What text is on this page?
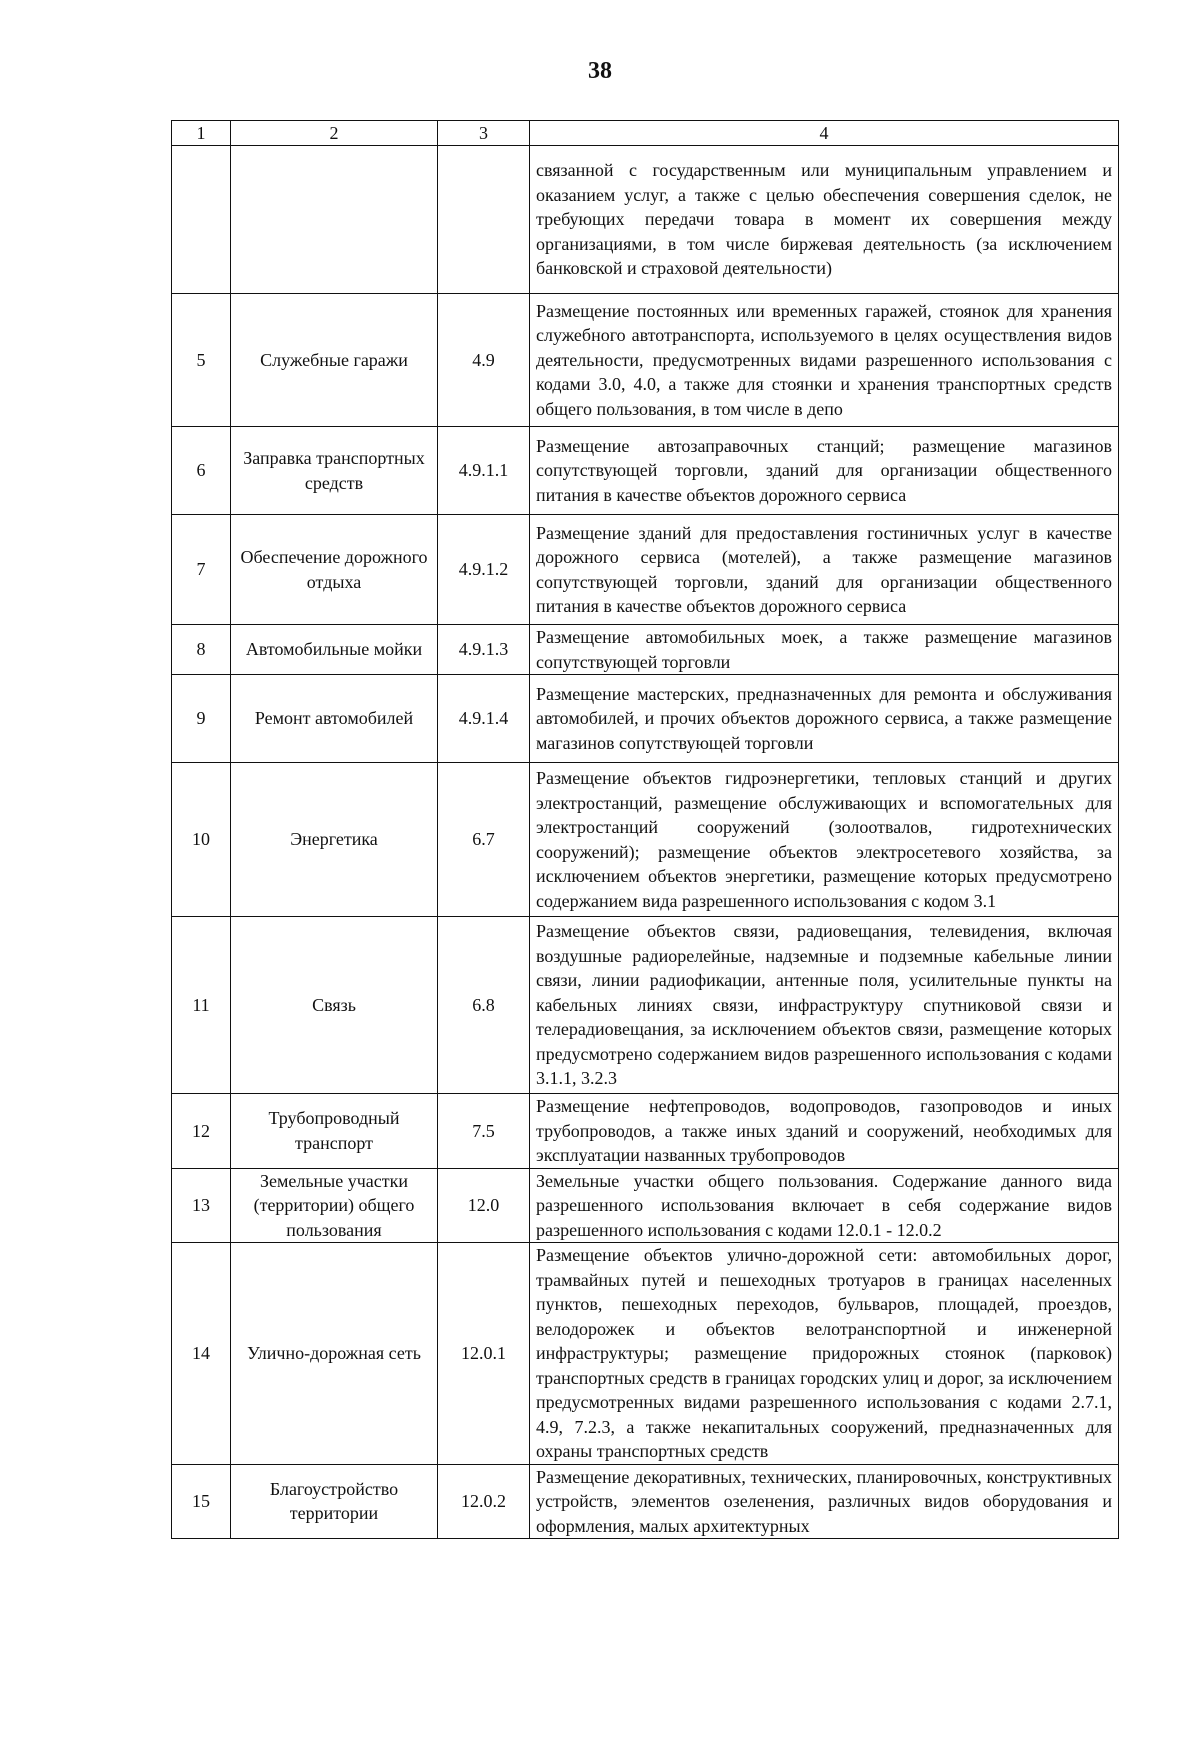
38
1	2	3	4
			связанной с государственным или муниципальным управлением и оказанием услуг, а также с целью обеспечения совершения сделок, не требующих передачи товара в момент их совершения между организациями, в том числе биржевая деятельность (за исключением банковской и страховой деятельности)
5	Служебные гаражи	4.9	Размещение постоянных или временных гаражей, стоянок для хранения служебного автотранспорта, используемого в целях осуществления видов деятельности, предусмотренных видами разрешенного использования с кодами 3.0, 4.0, а также для стоянки и хранения транспортных средств общего пользования, в том числе в депо
6	Заправка транспортных средств	4.9.1.1	Размещение автозаправочных станций; размещение магазинов сопутствующей торговли, зданий для организации общественного питания в качестве объектов дорожного сервиса
7	Обеспечение дорожного отдыха	4.9.1.2	Размещение зданий для предоставления гостиничных услуг в качестве дорожного сервиса (мотелей), а также размещение магазинов сопутствующей торговли, зданий для организации общественного питания в качестве объектов дорожного сервиса
8	Автомобильные мойки	4.9.1.3	Размещение автомобильных моек, а также размещение магазинов сопутствующей торговли
9	Ремонт автомобилей	4.9.1.4	Размещение мастерских, предназначенных для ремонта и обслуживания автомобилей, и прочих объектов дорожного сервиса, а также размещение магазинов сопутствующей торговли
10	Энергетика	6.7	Размещение объектов гидроэнергетики, тепловых станций и других электростанций, размещение обслуживающих и вспомогательных для электростанций сооружений (золоотвалов, гидротехнических сооружений); размещение объектов электросетевого хозяйства, за исключением объектов энергетики, размещение которых предусмотрено содержанием вида разрешенного использования с кодом 3.1
11	Связь	6.8	Размещение объектов связи, радиовещания, телевидения, включая воздушные радиорелейные, надземные и подземные кабельные линии связи, линии радиофикации, антенные поля, усилительные пункты на кабельных линиях связи, инфраструктуру спутниковой связи и телерадиовещания, за исключением объектов связи, размещение которых предусмотрено содержанием видов разрешенного использования с кодами 3.1.1, 3.2.3
12	Трубопроводный транспорт	7.5	Размещение нефтепроводов, водопроводов, газопроводов и иных трубопроводов, а также иных зданий и сооружений, необходимых для эксплуатации названных трубопроводов
13	Земельные участки (территории) общего пользования	12.0	Земельные участки общего пользования. Содержание данного вида разрешенного использования включает в себя содержание видов разрешенного использования с кодами 12.0.1 - 12.0.2
14	Улично-дорожная сеть	12.0.1	Размещение объектов улично-дорожной сети: автомобильных дорог, трамвайных путей и пешеходных тротуаров в границах населенных пунктов, пешеходных переходов, бульваров, площадей, проездов, велодорожек и объектов велотранспортной и инженерной инфраструктуры; размещение придорожных стоянок (парковок) транспортных средств в границах городских улиц и дорог, за исключением предусмотренных видами разрешенного использования с кодами 2.7.1, 4.9, 7.2.3, а также некапитальных сооружений, предназначенных для охраны транспортных средств
15	Благоустройство территории	12.0.2	Размещение декоративных, технических, планировочных, конструктивных устройств, элементов озеленения, различных видов оборудования и оформления, малых архитектурных
